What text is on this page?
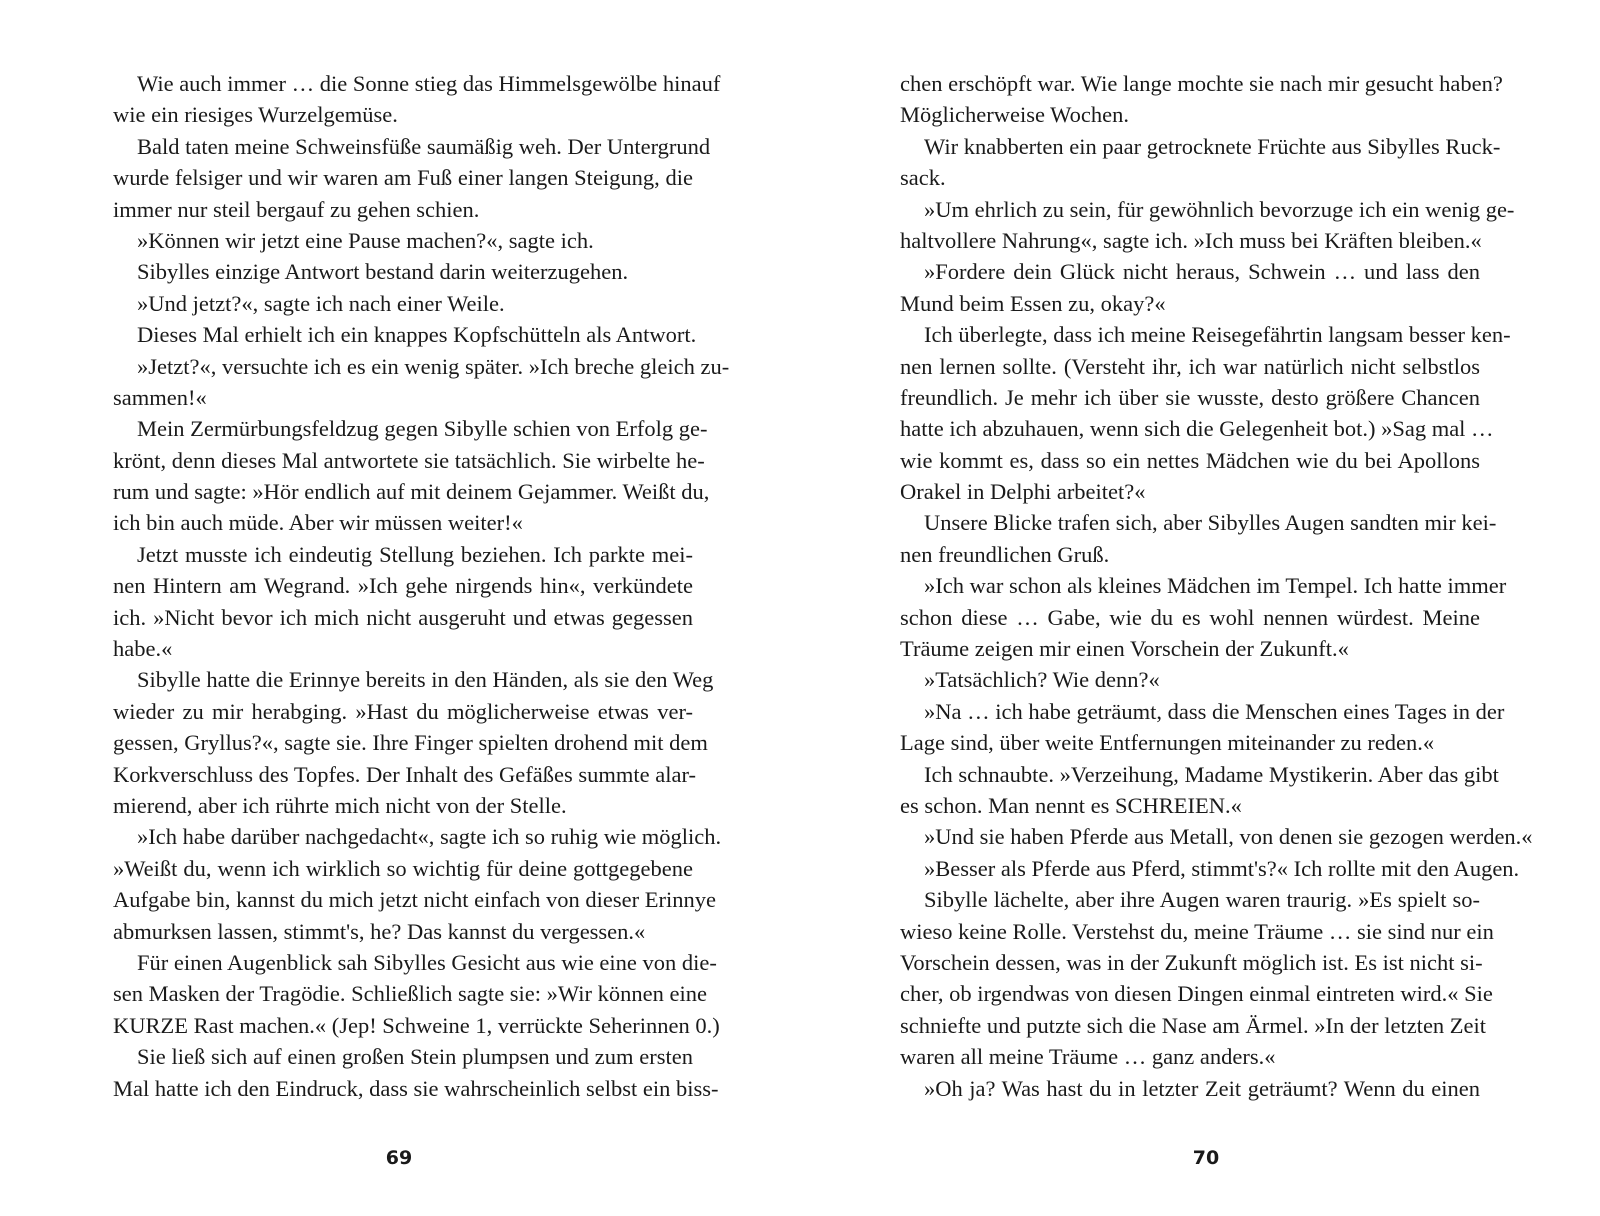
Wie auch immer … die Sonne stieg das Himmelsgewölbe hinauf
wie ein riesiges Wurzelgemüse.
Bald taten meine Schweinsfüße saumäßig weh. Der Untergrund
wurde felsiger und wir waren am Fuß einer langen Steigung, die
immer nur steil bergauf zu gehen schien.
»Können wir jetzt eine Pause machen?«, sagte ich.
Sibylles einzige Antwort bestand darin weiterzugehen.
»Und jetzt?«, sagte ich nach einer Weile.
Dieses Mal erhielt ich ein knappes Kopfschütteln als Antwort.
»Jetzt?«, versuchte ich es ein wenig später. »Ich breche gleich zu-
sammen!«
Mein Zermürbungsfeldzug gegen Sibylle schien von Erfolg ge-
krönt, denn dieses Mal antwortete sie tatsächlich. Sie wirbelte he-
rum und sagte: »Hör endlich auf mit deinem Gejammer. Weißt du,
ich bin auch müde. Aber wir müssen weiter!«
Jetzt musste ich eindeutig Stellung beziehen. Ich parkte mei-
nen Hintern am Wegrand. »Ich gehe nirgends hin«, verkündete
ich. »Nicht bevor ich mich nicht ausgeruht und etwas gegessen
habe.«
Sibylle hatte die Erinnye bereits in den Händen, als sie den Weg
wieder zu mir herabging. »Hast du möglicherweise etwas ver-
gessen, Gryllus?«, sagte sie. Ihre Finger spielten drohend mit dem
Korkverschluss des Topfes. Der Inhalt des Gefäßes summte alar-
mierend, aber ich rührte mich nicht von der Stelle.
»Ich habe darüber nachgedacht«, sagte ich so ruhig wie möglich.
»Weißt du, wenn ich wirklich so wichtig für deine gottgegebene
Aufgabe bin, kannst du mich jetzt nicht einfach von dieser Erinnye
abmurksen lassen, stimmt's, he? Das kannst du vergessen.«
Für einen Augenblick sah Sibylles Gesicht aus wie eine von die-
sen Masken der Tragödie. Schließlich sagte sie: »Wir können eine
KURZE Rast machen.« (Jep! Schweine 1, verrückte Seherinnen 0.)
Sie ließ sich auf einen großen Stein plumpsen und zum ersten
Mal hatte ich den Eindruck, dass sie wahrscheinlich selbst ein biss-
69
chen erschöpft war. Wie lange mochte sie nach mir gesucht haben?
Möglicherweise Wochen.
Wir knabberten ein paar getrocknete Früchte aus Sibylles Ruck-
sack.
»Um ehrlich zu sein, für gewöhnlich bevorzuge ich ein wenig ge-
haltvollere Nahrung«, sagte ich. »Ich muss bei Kräften bleiben.«
»Fordere dein Glück nicht heraus, Schwein … und lass den
Mund beim Essen zu, okay?«
Ich überlegte, dass ich meine Reisegefährtin langsam besser ken-
nen lernen sollte. (Versteht ihr, ich war natürlich nicht selbstlos
freundlich. Je mehr ich über sie wusste, desto größere Chancen
hatte ich abzuhauen, wenn sich die Gelegenheit bot.) »Sag mal …
wie kommt es, dass so ein nettes Mädchen wie du bei Apollons
Orakel in Delphi arbeitet?«
Unsere Blicke trafen sich, aber Sibylles Augen sandten mir kei-
nen freundlichen Gruß.
»Ich war schon als kleines Mädchen im Tempel. Ich hatte immer
schon diese … Gabe, wie du es wohl nennen würdest. Meine
Träume zeigen mir einen Vorschein der Zukunft.«
»Tatsächlich? Wie denn?«
»Na … ich habe geträumt, dass die Menschen eines Tages in der
Lage sind, über weite Entfernungen miteinander zu reden.«
Ich schnaubte. »Verzeihung, Madame Mystikerin. Aber das gibt
es schon. Man nennt es SCHREIEN.«
»Und sie haben Pferde aus Metall, von denen sie gezogen werden.«
»Besser als Pferde aus Pferd, stimmt's?« Ich rollte mit den Augen.
Sibylle lächelte, aber ihre Augen waren traurig. »Es spielt so-
wieso keine Rolle. Verstehst du, meine Träume … sie sind nur ein
Vorschein dessen, was in der Zukunft möglich ist. Es ist nicht si-
cher, ob irgendwas von diesen Dingen einmal eintreten wird.« Sie
schniefte und putzte sich die Nase am Ärmel. »In der letzten Zeit
waren all meine Träume … ganz anders.«
»Oh ja? Was hast du in letzter Zeit geträumt? Wenn du einen
70
